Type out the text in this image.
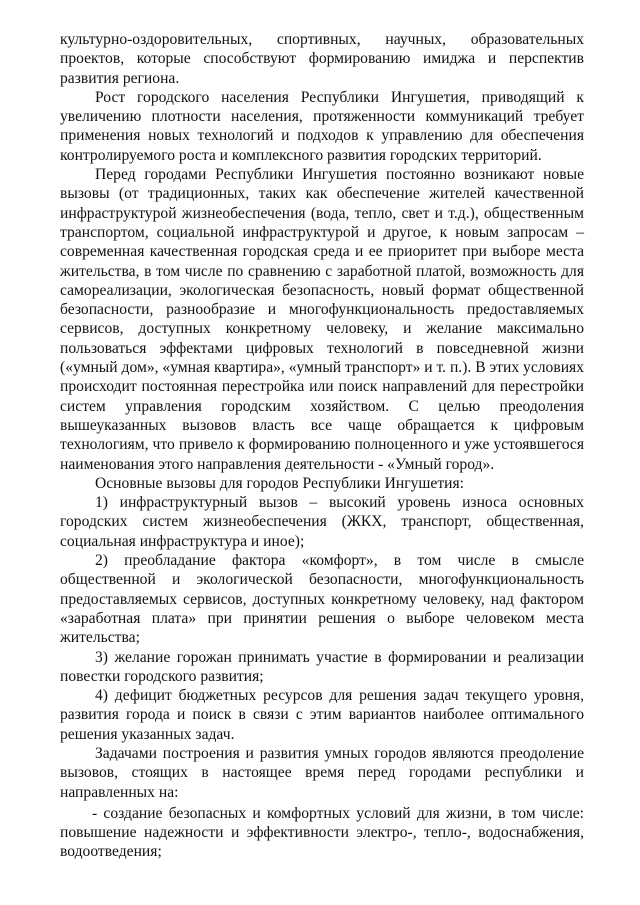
культурно-оздоровительных, спортивных, научных, образовательных проектов, которые способствуют формированию имиджа и перспектив развития региона.

Рост городского населения Республики Ингушетия, приводящий к увеличению плотности населения, протяженности коммуникаций требует применения новых технологий и подходов к управлению для обеспечения контролируемого роста и комплексного развития городских территорий.

Перед городами Республики Ингушетия постоянно возникают новые вызовы (от традиционных, таких как обеспечение жителей качественной инфраструктурой жизнеобеспечения (вода, тепло, свет и т.д.), общественным транспортом, социальной инфраструктурой и другое, к новым запросам – современная качественная городская среда и ее приоритет при выборе места жительства, в том числе по сравнению с заработной платой, возможность для самореализации, экологическая безопасность, новый формат общественной безопасности, разнообразие и многофункциональность предоставляемых сервисов, доступных конкретному человеку, и желание максимально пользоваться эффектами цифровых технологий в повседневной жизни («умный дом», «умная квартира», «умный транспорт» и т. п.). В этих условиях происходит постоянная перестройка или поиск направлений для перестройки систем управления городским хозяйством. С целью преодоления вышеуказанных вызовов власть все чаще обращается к цифровым технологиям, что привело к формированию полноценного и уже устоявшегося наименования этого направления деятельности - «Умный город».

Основные вызовы для городов Республики Ингушетия:

1) инфраструктурный вызов – высокий уровень износа основных городских систем жизнеобеспечения (ЖКХ, транспорт, общественная, социальная инфраструктура и иное);

2) преобладание фактора «комфорт», в том числе в смысле общественной и экологической безопасности, многофункциональность предоставляемых сервисов, доступных конкретному человеку, над фактором «заработная плата» при принятии решения о выборе человеком места жительства;

3) желание горожан принимать участие в формировании и реализации повестки городского развития;

4) дефицит бюджетных ресурсов для решения задач текущего уровня, развития города и поиск в связи с этим вариантов наиболее оптимального решения указанных задач.

Задачами построения и развития умных городов являются преодоление вызовов, стоящих в настоящее время перед городами республики и направленных на:

- создание безопасных и комфортных условий для жизни, в том числе: повышение надежности и эффективности электро-, тепло-, водоснабжения, водоотведения;
